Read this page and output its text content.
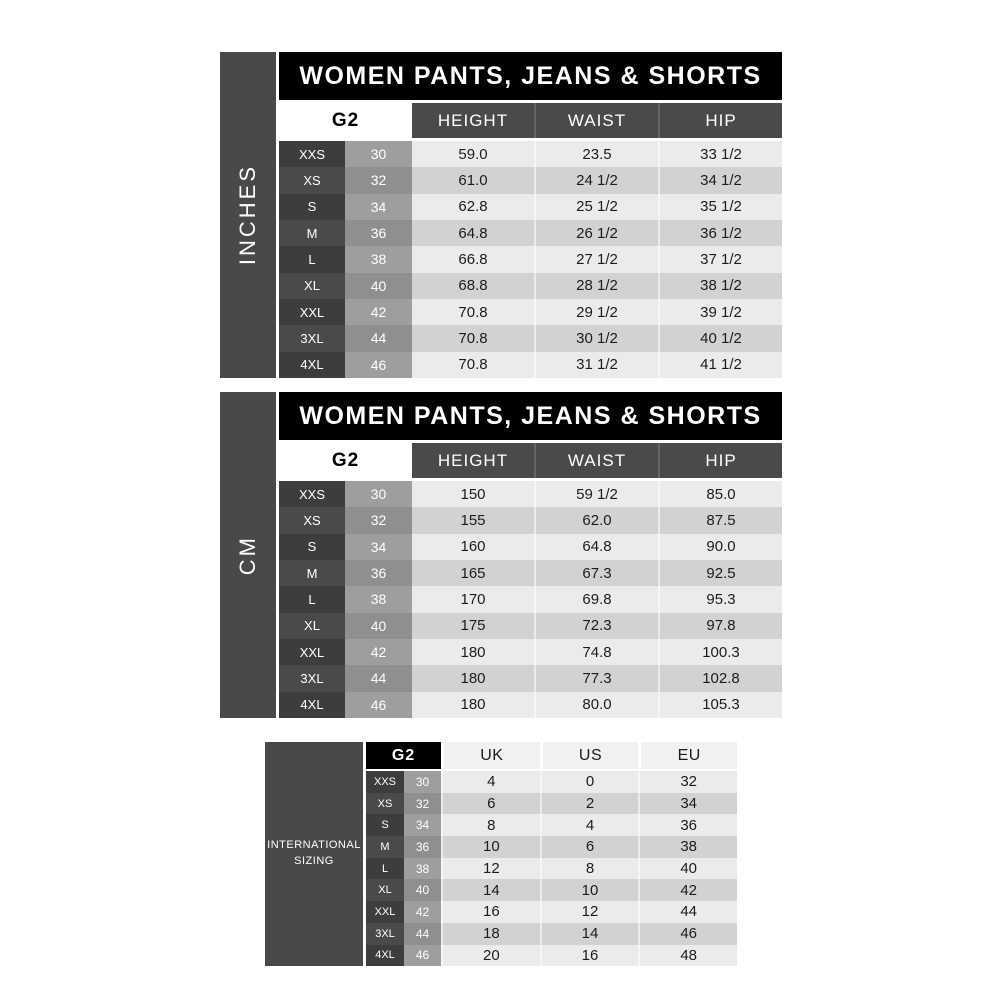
INCHES
WOMEN PANTS, JEANS & SHORTS
G2	HEIGHT	WAIST	HIP
XXS	30	59.0	23.5	33 1/2
XS	32	61.0	24 1/2	34 1/2
S	34	62.8	25 1/2	35 1/2
M	36	64.8	26 1/2	36 1/2
L	38	66.8	27 1/2	37 1/2
XL	40	68.8	28 1/2	38 1/2
XXL	42	70.8	29 1/2	39 1/2
3XL	44	70.8	30 1/2	40 1/2
4XL	46	70.8	31 1/2	41 1/2
CM
WOMEN PANTS, JEANS & SHORTS
G2	HEIGHT	WAIST	HIP
XXS	30	150	59 1/2	85.0
XS	32	155	62.0	87.5
S	34	160	64.8	90.0
M	36	165	67.3	92.5
L	38	170	69.8	95.3
XL	40	175	72.3	97.8
XXL	42	180	74.8	100.3
3XL	44	180	77.3	102.8
4XL	46	180	80.0	105.3
INTERNATIONAL
SIZING
G2	UK	US	EU
XXS	30	4	0	32
XS	32	6	2	34
S	34	8	4	36
M	36	10	6	38
L	38	12	8	40
XL	40	14	10	42
XXL	42	16	12	44
3XL	44	18	14	46
4XL	46	20	16	48
